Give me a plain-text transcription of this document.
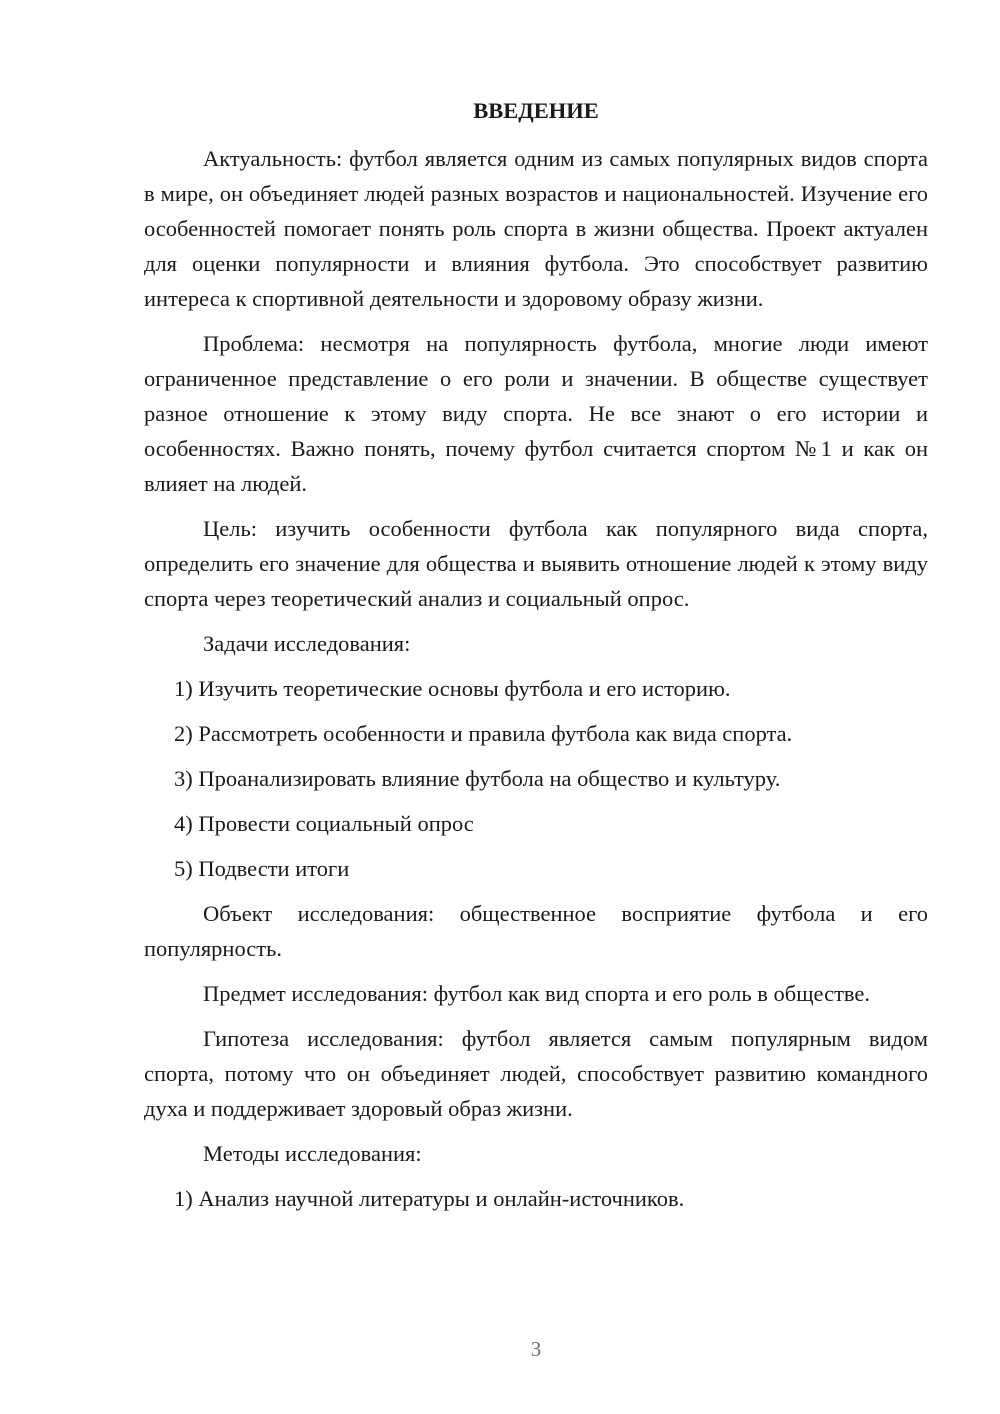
ВВЕДЕНИЕ

Актуальность: футбол является одним из самых популярных видов спорта в мире, он объединяет людей разных возрастов и национальностей. Изучение его особенностей помогает понять роль спорта в жизни общества. Проект актуален для оценки популярности и влияния футбола. Это способствует развитию интереса к спортивной деятельности и здоровому образу жизни.

Проблема: несмотря на популярность футбола, многие люди имеют ограниченное представление о его роли и значении. В обществе существует разное отношение к этому виду спорта. Не все знают о его истории и особенностях. Важно понять, почему футбол считается спортом №1 и как он влияет на людей.

Цель: изучить особенности футбола как популярного вида спорта, определить его значение для общества и выявить отношение людей к этому виду спорта через теоретический анализ и социальный опрос.

Задачи исследования:

1) Изучить теоретические основы футбола и его историю.

2) Рассмотреть особенности и правила футбола как вида спорта.

3) Проанализировать влияние футбола на общество и культуру.

4) Провести социальный опрос

5) Подвести итоги

Объект исследования: общественное восприятие футбола и его популярность.

Предмет исследования: футбол как вид спорта и его роль в обществе.

Гипотеза исследования: футбол является самым популярным видом спорта, потому что он объединяет людей, способствует развитию командного духа и поддерживает здоровый образ жизни.

Методы исследования:

1) Анализ научной литературы и онлайн-источников.

3
